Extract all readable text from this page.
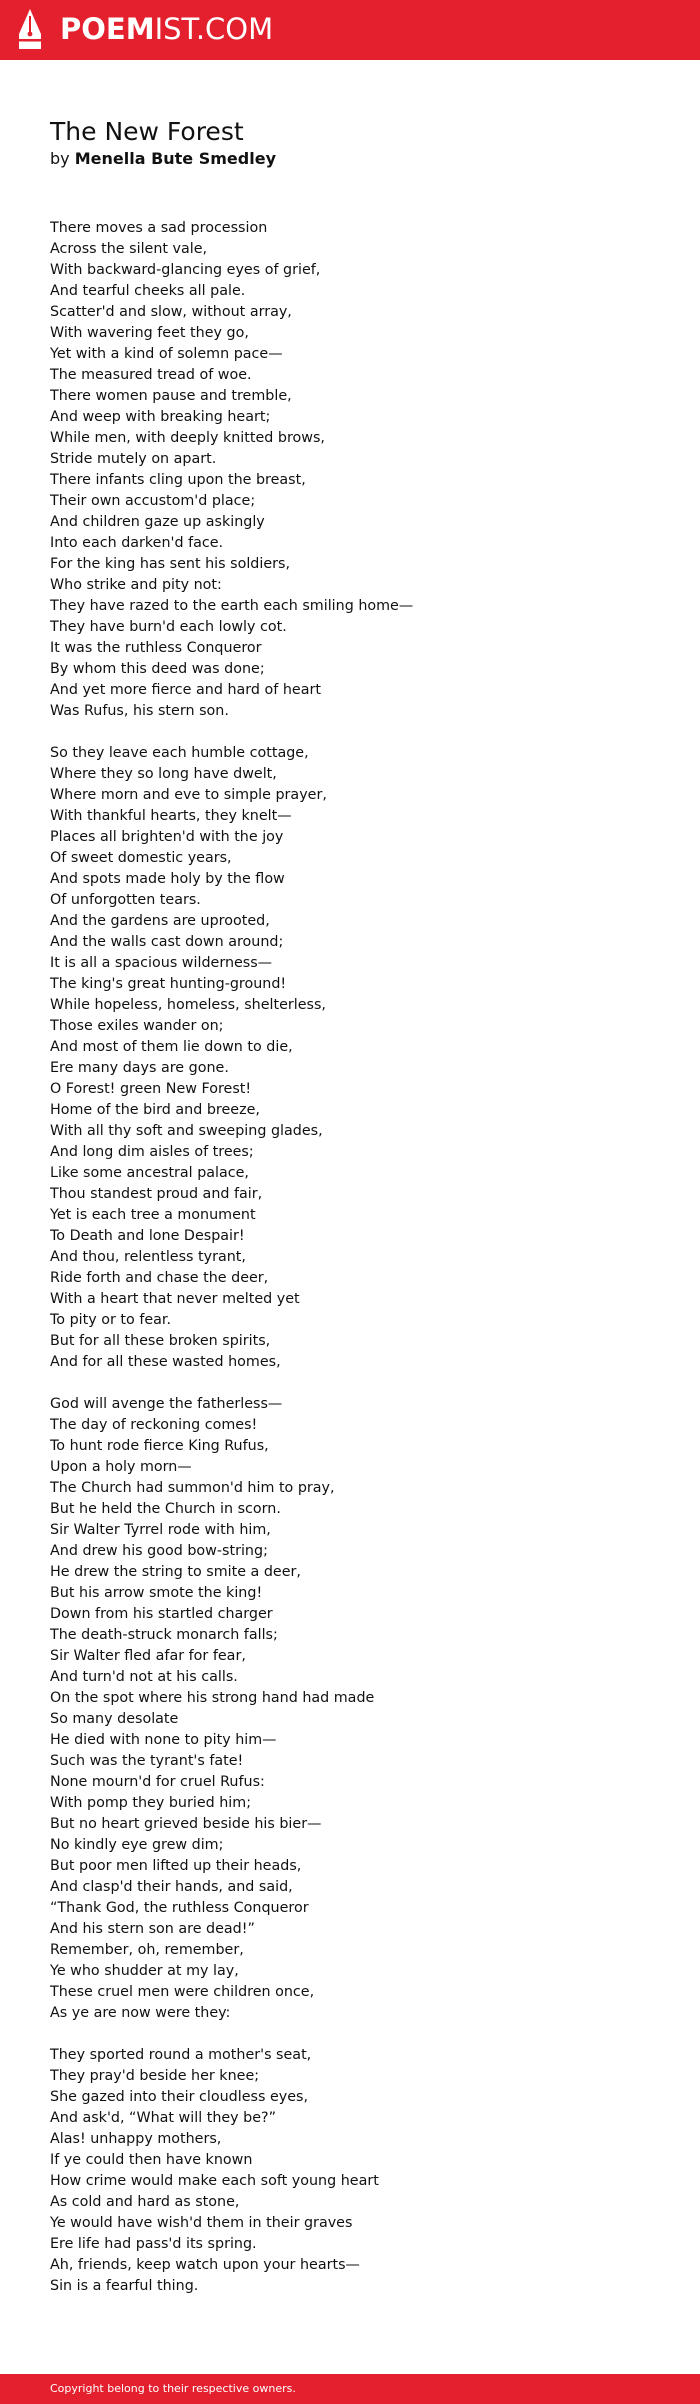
POEMIST.COM
The New Forest
by Menella Bute Smedley
There moves a sad procession
Across the silent vale,
With backward-glancing eyes of grief,
And tearful cheeks all pale.
Scatter'd and slow, without array,
With wavering feet they go,
Yet with a kind of solemn pace—
The measured tread of woe.
There women pause and tremble,
And weep with breaking heart;
While men, with deeply knitted brows,
Stride mutely on apart.
There infants cling upon the breast,
Their own accustom'd place;
And children gaze up askingly
Into each darken'd face.
For the king has sent his soldiers,
Who strike and pity not:
They have razed to the earth each smiling home—
They have burn'd each lowly cot.
It was the ruthless Conqueror
By whom this deed was done;
And yet more fierce and hard of heart
Was Rufus, his stern son.
So they leave each humble cottage,
Where they so long have dwelt,
Where morn and eve to simple prayer,
With thankful hearts, they knelt—
Places all brighten'd with the joy
Of sweet domestic years,
And spots made holy by the flow
Of unforgotten tears.
And the gardens are uprooted,
And the walls cast down around;
It is all a spacious wilderness—
The king's great hunting-ground!
While hopeless, homeless, shelterless,
Those exiles wander on;
And most of them lie down to die,
Ere many days are gone.
O Forest! green New Forest!
Home of the bird and breeze,
With all thy soft and sweeping glades,
And long dim aisles of trees;
Like some ancestral palace,
Thou standest proud and fair,
Yet is each tree a monument
To Death and lone Despair!
And thou, relentless tyrant,
Ride forth and chase the deer,
With a heart that never melted yet
To pity or to fear.
But for all these broken spirits,
And for all these wasted homes,
God will avenge the fatherless—
The day of reckoning comes!
To hunt rode fierce King Rufus,
Upon a holy morn—
The Church had summon'd him to pray,
But he held the Church in scorn.
Sir Walter Tyrrel rode with him,
And drew his good bow-string;
He drew the string to smite a deer,
But his arrow smote the king!
Down from his startled charger
The death-struck monarch falls;
Sir Walter fled afar for fear,
And turn'd not at his calls.
On the spot where his strong hand had made
So many desolate
He died with none to pity him—
Such was the tyrant's fate!
None mourn'd for cruel Rufus:
With pomp they buried him;
But no heart grieved beside his bier—
No kindly eye grew dim;
But poor men lifted up their heads,
And clasp'd their hands, and said,
“Thank God, the ruthless Conqueror
And his stern son are dead!”
Remember, oh, remember,
Ye who shudder at my lay,
These cruel men were children once,
As ye are now were they:
They sported round a mother's seat,
They pray'd beside her knee;
She gazed into their cloudless eyes,
And ask'd, “What will they be?”
Alas! unhappy mothers,
If ye could then have known
How crime would make each soft young heart
As cold and hard as stone,
Ye would have wish'd them in their graves
Ere life had pass'd its spring.
Ah, friends, keep watch upon your hearts—
Sin is a fearful thing.
Copyright belong to their respective owners.
